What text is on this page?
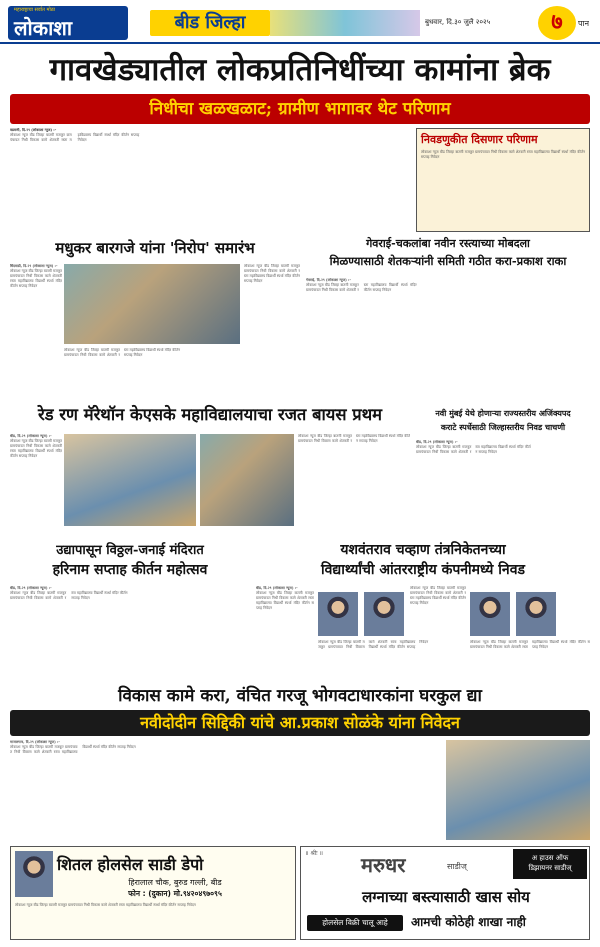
महाराष्ट्राचा सर्वात मोठा
लोकाशा	बीड जिल्हा	बुधवार, दि.३० जुलै २०२५	७	पान
गावखेड्यातील लोकप्रतिनिधींच्या कामांना ब्रेक
निधीचा खळखळाट; ग्रामीण भागावर थेट परिणाम
वडवणी, दि.२९ (लोकाशा न्यूज) :-
लोकाशा न्यूज बीड जिल्हा बातमी मजकूर ग्रामपंचायत निधी विकास कामे शेतकरी रस्ता महाविद्यालय विद्यार्थी स्पर्धा मंदिर कीर्तन सप्ताह निवेदन	निवडणुकीत दिसणार परिणाम
लोकाशा न्यूज बीड जिल्हा बातमी मजकूर ग्रामपंचायत निधी विकास कामे शेतकरी रस्ता महाविद्यालय विद्यार्थी स्पर्धा मंदिर कीर्तन सप्ताह निवेदन
मधुकर बारगजे यांना 'निरोप' समारंभ
बिंदवाडी, दि.२९ (लोकाशा न्यूज) :-
लोकाशा न्यूज बीड जिल्हा बातमी मजकूर ग्रामपंचायत निधी विकास कामे शेतकरी रस्ता महाविद्यालय विद्यार्थी स्पर्धा मंदिर कीर्तन सप्ताह निवेदन
लोकाशा न्यूज बीड जिल्हा बातमी मजकूर ग्रामपंचायत निधी विकास कामे शेतकरी रस्ता महाविद्यालय विद्यार्थी स्पर्धा मंदिर कीर्तन सप्ताह निवेदन
लोकाशा न्यूज बीड जिल्हा बातमी मजकूर ग्रामपंचायत निधी विकास कामे शेतकरी रस्ता महाविद्यालय विद्यार्थी स्पर्धा मंदिर कीर्तन सप्ताह निवेदन
गेवराई-चकलांबा नवीन रस्त्याच्या मोबदला
मिळण्यासाठी शेतकऱ्यांनी समिती गठीत करा-प्रकाश राका
गेवराई, दि.२९ (लोकाशा न्यूज) :-
लोकाशा न्यूज बीड जिल्हा बातमी मजकूर ग्रामपंचायत निधी विकास कामे शेतकरी रस्ता महाविद्यालय विद्यार्थी स्पर्धा मंदिर कीर्तन सप्ताह निवेदन
रेड रण मॅरेथॉन केएसके महाविद्यालयाचा रजत बायस प्रथम
बीड, दि.२९ (लोकाशा न्यूज) :-
लोकाशा न्यूज बीड जिल्हा बातमी मजकूर ग्रामपंचायत निधी विकास कामे शेतकरी रस्ता महाविद्यालय विद्यार्थी स्पर्धा मंदिर कीर्तन सप्ताह निवेदन
लोकाशा न्यूज बीड जिल्हा बातमी मजकूर ग्रामपंचायत निधी विकास कामे शेतकरी रस्ता महाविद्यालय विद्यार्थी स्पर्धा मंदिर कीर्तन सप्ताह निवेदन
नवी मुंबई येथे होणाऱ्या राज्यस्तरीय अजिंक्यपद
कराटे स्पर्धेसाठी जिल्हास्तरीय निवड चाचणी
बीड, दि.२९ (लोकाशा न्यूज) :-
लोकाशा न्यूज बीड जिल्हा बातमी मजकूर ग्रामपंचायत निधी विकास कामे शेतकरी रस्ता महाविद्यालय विद्यार्थी स्पर्धा मंदिर कीर्तन सप्ताह निवेदन
उद्यापासून विठ्ठल-जनाई मंदिरात
हरिनाम सप्ताह कीर्तन महोत्सव
बीड, दि.२९ (लोकाशा न्यूज) :-
लोकाशा न्यूज बीड जिल्हा बातमी मजकूर ग्रामपंचायत निधी विकास कामे शेतकरी रस्ता महाविद्यालय विद्यार्थी स्पर्धा मंदिर कीर्तन सप्ताह निवेदन
यशवंतराव चव्हाण तंत्रनिकेतनच्या
विद्यार्थ्यांची आंतरराष्ट्रीय कंपनीमध्ये निवड
बीड, दि.२९ (लोकाशा न्यूज) :-
लोकाशा न्यूज बीड जिल्हा बातमी मजकूर ग्रामपंचायत निधी विकास कामे शेतकरी रस्ता महाविद्यालय विद्यार्थी स्पर्धा मंदिर कीर्तन सप्ताह निवेदन
लोकाशा न्यूज बीड जिल्हा बातमी मजकूर ग्रामपंचायत निधी विकास कामे शेतकरी रस्ता महाविद्यालय विद्यार्थी स्पर्धा मंदिर कीर्तन सप्ताह निवेदन
लोकाशा न्यूज बीड जिल्हा बातमी मजकूर ग्रामपंचायत निधी विकास कामे शेतकरी रस्ता महाविद्यालय विद्यार्थी स्पर्धा मंदिर कीर्तन सप्ताह निवेदन	लोकाशा न्यूज बीड जिल्हा बातमी मजकूर ग्रामपंचायत निधी विकास कामे शेतकरी रस्ता महाविद्यालय विद्यार्थी स्पर्धा मंदिर कीर्तन सप्ताह निवेदन
विकास कामे करा, वंचित गरजू भोगवटाधारकांना घरकुल द्या
नवीदोदीन सिद्दिकी यांचे आ.प्रकाश सोळंके यांना निवेदन
माजलगाव, दि.२९ (लोकाशा न्यूज) :-
लोकाशा न्यूज बीड जिल्हा बातमी मजकूर ग्रामपंचायत निधी विकास कामे शेतकरी रस्ता महाविद्यालय विद्यार्थी स्पर्धा मंदिर कीर्तन सप्ताह निवेदन
शितल होलसेल साडी डेपो
हिरालाल चौक, बुरुड गल्ली, बीड
फोन : (दुकान) मो.९४२०४९७०९५
लोकाशा न्यूज बीड जिल्हा बातमी मजकूर ग्रामपंचायत निधी विकास कामे शेतकरी रस्ता महाविद्यालय विद्यार्थी स्पर्धा मंदिर कीर्तन सप्ताह निवेदन
॥ श्रीः ॥ मरुधर	साडीज्
अ हाउस ऑफ
डिझायनर साडीज्
लग्नाच्या बस्त्यासाठी खास सोय
होलसेल विक्री चालू आहे	आमची कोठेही शाखा नाही
